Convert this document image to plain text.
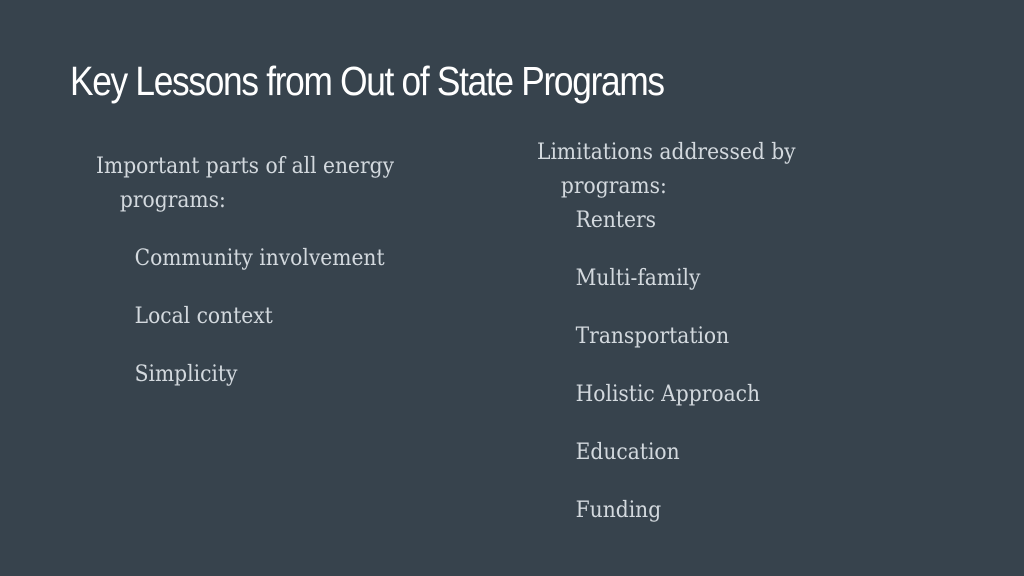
Key Lessons from Out of State Programs
Important parts of all energy
programs:
Community involvement
Local context
Simplicity
Limitations addressed by
programs:
Renters
Multi-family
Transportation
Holistic Approach
Education
Funding
